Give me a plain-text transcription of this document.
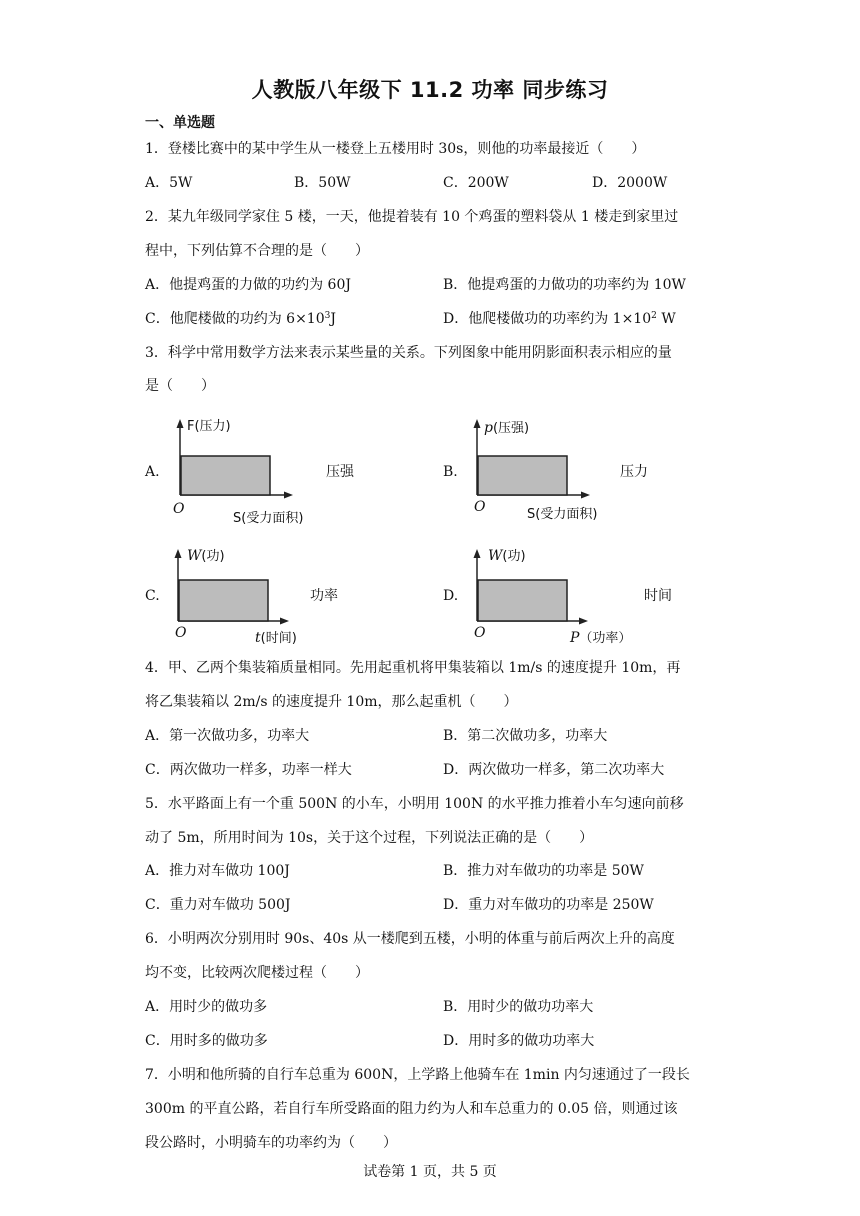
人教版八年级下 11.2 功率 同步练习
一、单选题
1．登楼比赛中的某中学生从一楼登上五楼用时 30s，则他的功率最接近（　　）
A．5W	B．50W	C．200W	D．2000W
2．某九年级同学家住 5 楼，一天，他提着装有 10 个鸡蛋的塑料袋从 1 楼走到家里过
程中，下列估算不合理的是（　　）
A．他提鸡蛋的力做的功约为 60J	B．他提鸡蛋的力做功的功率约为 10W
C．他爬楼做的功约为 $6\times 10^3J$	D．他爬楼做功的功率约为 $1\times 10^2$ W
3．科学中常用数学方法来表示某些量的关系。下列图象中能用阴影面积表示相应的量
是（　　）
A.
F(压力)
O
S(受力面积)
压强	B.
p(压强)
O	S(受力面积)
压力
C.
W(功)
O	t(时间)
功率	D.
W(功)
O	P（功率）
时间
4．甲、乙两个集装箱质量相同。先用起重机将甲集装箱以 1m/s 的速度提升 10m，再
将乙集装箱以 2m/s 的速度提升 10m，那么起重机（　　）
A．第一次做功多，功率大	B．第二次做功多，功率大
C．两次做功一样多，功率一样大	D．两次做功一样多，第二次功率大
5．水平路面上有一个重 500N 的小车，小明用 100N 的水平推力推着小车匀速向前移
动了 5m，所用时间为 10s，关于这个过程，下列说法正确的是（　　）
A．推力对车做功 100J	B．推力对车做功的功率是 50W
C．重力对车做功 500J	D．重力对车做功的功率是 250W
6．小明两次分别用时 90s、40s 从一楼爬到五楼，小明的体重与前后两次上升的高度
均不变，比较两次爬楼过程（　　）
A．用时少的做功多	B．用时少的做功功率大
C．用时多的做功多	D．用时多的做功功率大
7．小明和他所骑的自行车总重为 600N，上学路上他骑车在 1min 内匀速通过了一段长
300m 的平直公路，若自行车所受路面的阻力约为人和车总重力的 0.05 倍，则通过该
段公路时，小明骑车的功率约为（　　）
试卷第 1 页，共 5 页
